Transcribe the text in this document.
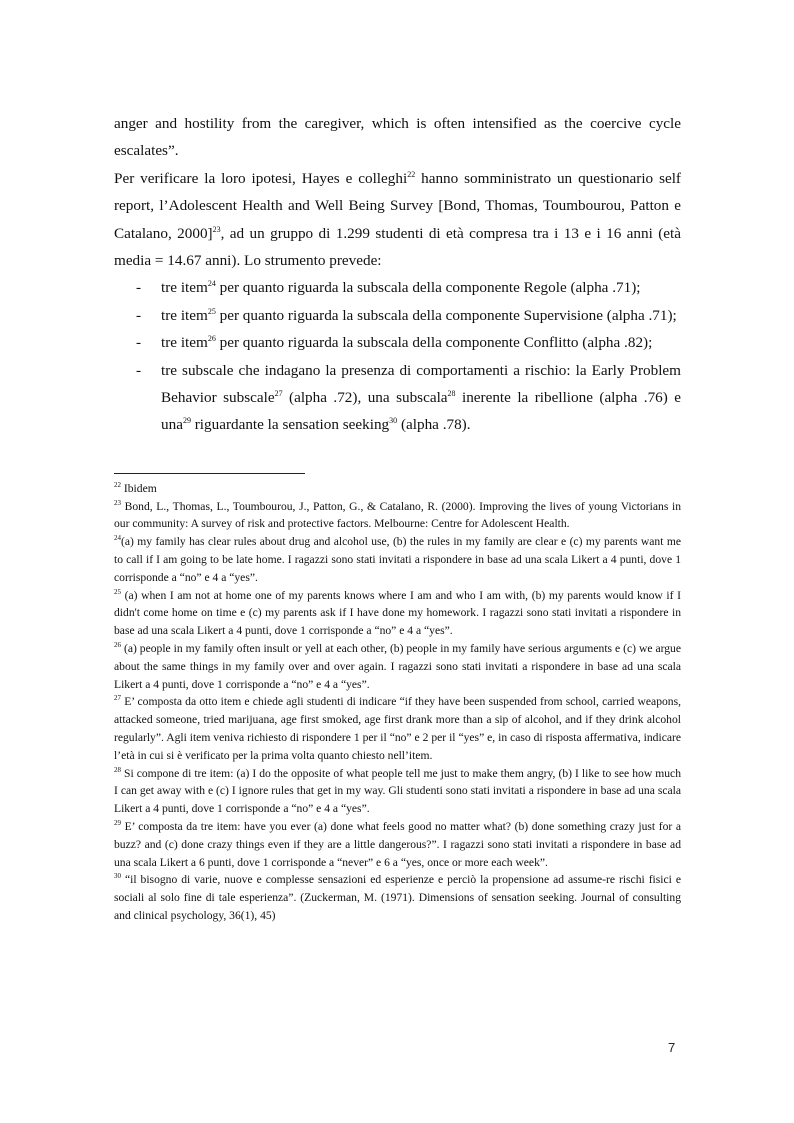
anger and hostility from the caregiver, which is often intensified as the coercive cycle escalates”.

Per verificare la loro ipotesi, Hayes e colleghi$^{22}$ hanno somministrato un questionario self report, l’Adolescent Health and Well Being Survey [Bond, Thomas, Toumbourou, Patton e Catalano, 2000]$^{23}$, ad un gruppo di 1.299 studenti di età compresa tra i 13 e i 16 anni (età media = 14.67 anni). Lo strumento prevede:

- tre item$^{24}$ per quanto riguarda la subscala della componente Regole (alpha .71);
- tre item$^{25}$ per quanto riguarda la subscala della componente Supervisione (alpha .71);
- tre item$^{26}$ per quanto riguarda la subscala della componente Conflitto (alpha .82);
- tre subscale che indagano la presenza di comportamenti a rischio: la Early Problem Behavior subscale$^{27}$ (alpha .72), una subscala$^{28}$ inerente la ribellione (alpha .76) e una$^{29}$ riguardante la sensation seeking$^{30}$ (alpha .78).

$^{22}$ Ibidem

$^{23}$ Bond, L., Thomas, L., Toumbourou, J., Patton, G., & Catalano, R. (2000). Improving the lives of young Victorians in our community: A survey of risk and protective factors. Melbourne: Centre for Adolescent Health.

$^{24}$(a) my family has clear rules about drug and alcohol use, (b) the rules in my family are clear e (c) my parents want me to call if I am going to be late home. I ragazzi sono stati invitati a rispondere in base ad una scala Likert a 4 punti, dove 1 corrisponde a “no” e 4 a “yes”.

$^{25}$ (a) when I am not at home one of my parents knows where I am and who I am with, (b) my parents would know if I didn't come home on time e (c) my parents ask if I have done my homework. I ragazzi sono stati invitati a rispondere in base ad una scala Likert a 4 punti, dove 1 corrisponde a “no” e 4 a “yes”.

$^{26}$ (a) people in my family often insult or yell at each other, (b) people in my family have serious arguments e (c) we argue about the same things in my family over and over again. I ragazzi sono stati invitati a rispondere in base ad una scala Likert a 4 punti, dove 1 corrisponde a “no” e 4 a “yes”.

$^{27}$ E’ composta da otto item e chiede agli studenti di indicare “if they have been suspended from school, carried weapons, attacked someone, tried marijuana, age first smoked, age first drank more than a sip of alcohol, and if they drink alcohol regularly”. Agli item veniva richiesto di rispondere 1 per il “no” e 2 per il “yes” e, in caso di risposta affermativa, indicare l’età in cui si è verificato per la prima volta quanto chiesto nell’item.

$^{28}$ Si compone di tre item: (a) I do the opposite of what people tell me just to make them angry, (b) I like to see how much I can get away with e (c) I ignore rules that get in my way. Gli studenti sono stati invitati a rispondere in base ad una scala Likert a 4 punti, dove 1 corrisponde a “no” e 4 a “yes”.

$^{29}$ E’ composta da tre item: have you ever (a) done what feels good no matter what? (b) done something crazy just for a buzz? and (c) done crazy things even if they are a little dangerous?”. I ragazzi sono stati invitati a rispondere in base ad una scala Likert a 6 punti, dove 1 corrisponde a “never” e 6 a “yes, once or more each week”.

$^{30}$ “il bisogno di varie, nuove e complesse sensazioni ed esperienze e perciò la propensione ad assume-re rischi fisici e sociali al solo fine di tale esperienza”. (Zuckerman, M. (1971). Dimensions of sensation seeking. Journal of consulting and clinical psychology, 36(1), 45)

7
